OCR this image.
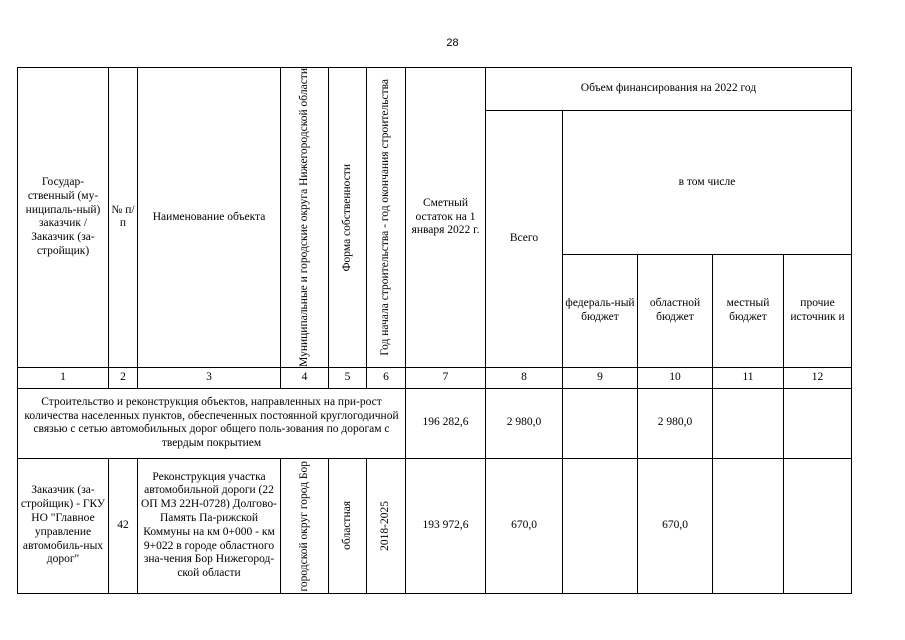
28
Государ-ственный (му-ниципаль-ный) заказчик / Заказчик (за-стройщик)	№ п/п	Наименование объекта	Муниципальные и городские округа Нижегородской области	Форма собственности	Год начала строительства - год окончания строительства	Сметный остаток на 1 января 2022 г.	Объем финансирования на 2022 год				
							Всего	в том числе			
								федераль-ный бюджет	областной бюджет	местный бюджет	прочие источник и
1	2	3	4	5	6	7	8	9	10	11	12
Строительство и реконструкция объектов, направленных на при-рост количества населенных пунктов, обеспеченных постоянной круглогодичной связью с сетью автомобильных дорог общего поль-зования по дорогам с твердым покрытием						196 282,6	2 980,0		2 980,0		
Заказчик (за-стройщик) - ГКУ НО "Главное управление автомобиль-ных дорог"	42	Реконструкция участка автомобильной дороги (22 ОП МЗ 22Н-0728) Долгово-Память Па-рижской Коммуны на км 0+000 - км 9+022 в городе областного зна-чения Бор Нижегород-ской области	городской округ город Бор	областная	2018-2025	193 972,6	670,0		670,0		
